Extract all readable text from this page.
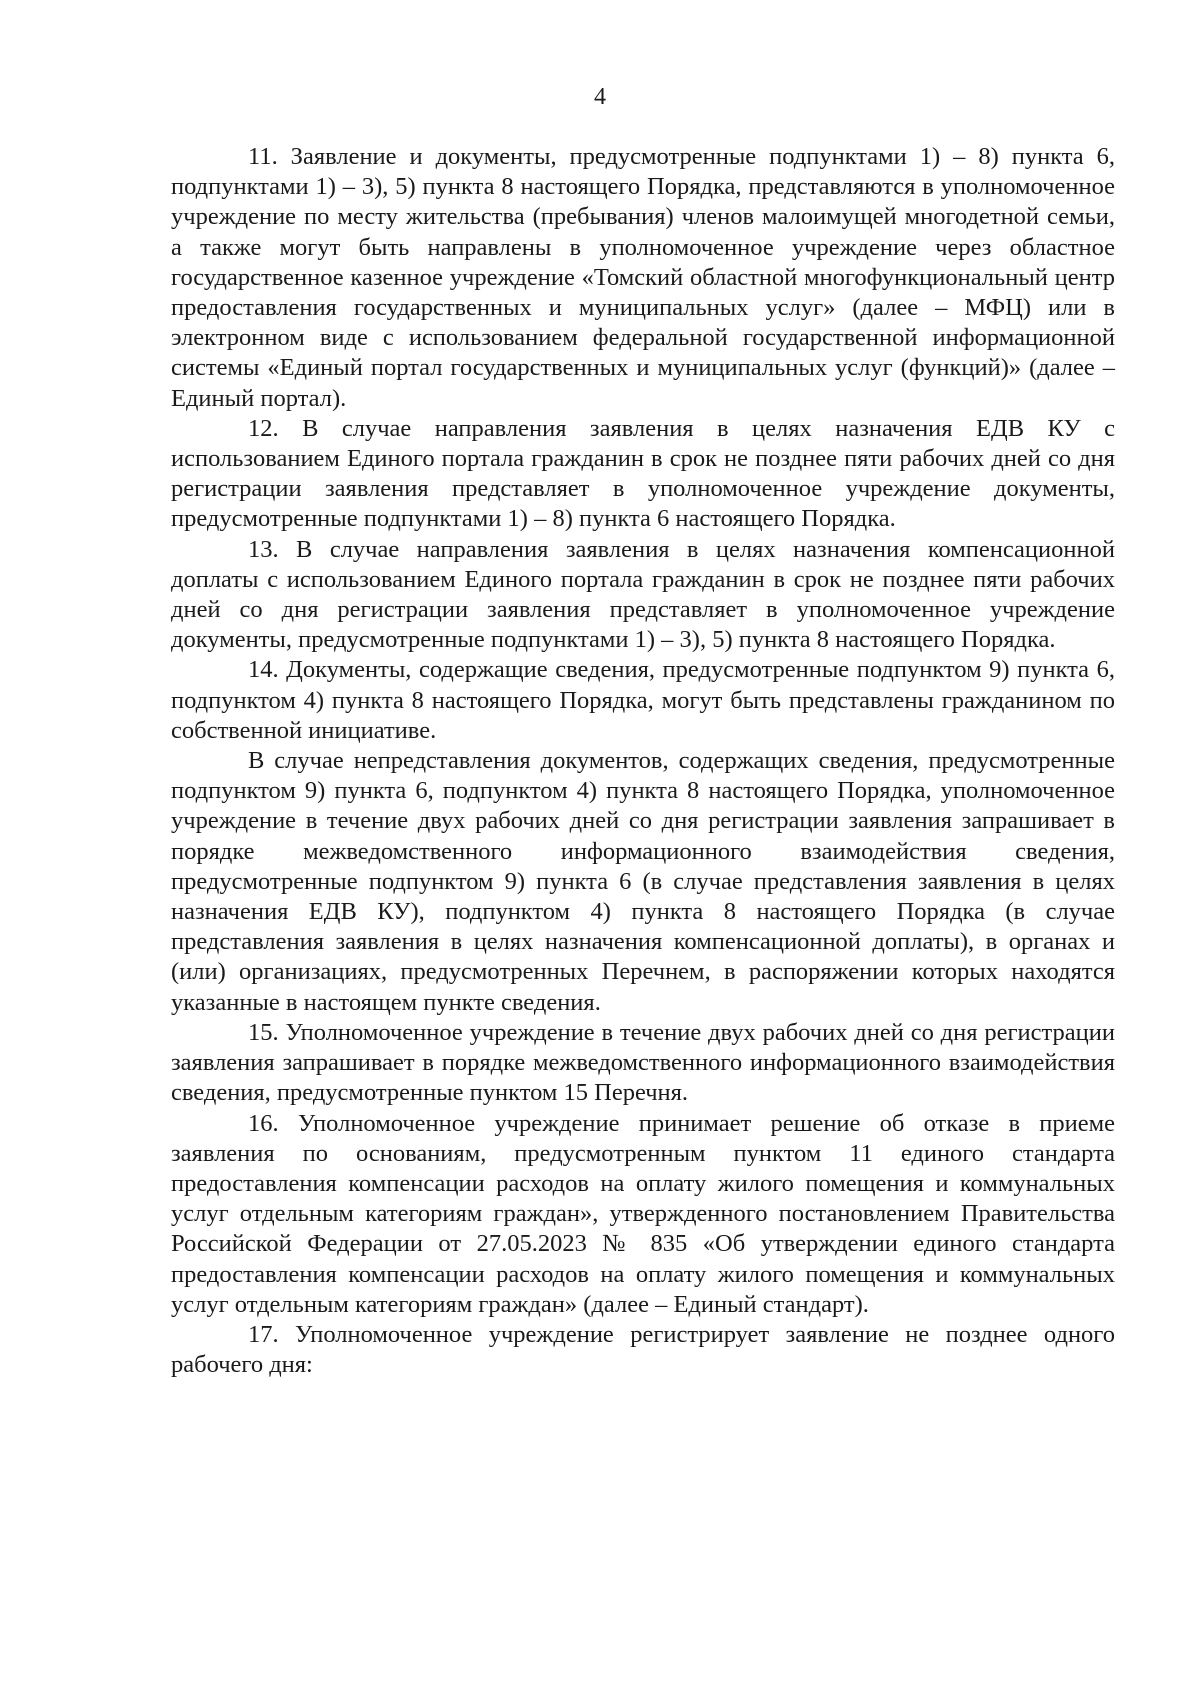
4

11. Заявление и документы, предусмотренные подпунктами 1) – 8) пункта 6, подпунктами 1) – 3), 5) пункта 8 настоящего Порядка, представляются в уполномоченное учреждение по месту жительства (пребывания) членов малоимущей многодетной семьи, а также могут быть направлены в уполномоченное учреждение через областное государственное казенное учреждение «Томский областной многофункциональный центр предоставления государственных и муниципальных услуг» (далее – МФЦ) или в электронном виде с использованием федеральной государственной информационной системы «Единый портал государственных и муниципальных услуг (функций)» (далее – Единый портал).

12. В случае направления заявления в целях назначения ЕДВ КУ с использованием Единого портала гражданин в срок не позднее пяти рабочих дней со дня регистрации заявления представляет в уполномоченное учреждение документы, предусмотренные подпунктами 1) – 8) пункта 6 настоящего Порядка.

13. В случае направления заявления в целях назначения компенсационной доплаты с использованием Единого портала гражданин в срок не позднее пяти рабочих дней со дня регистрации заявления представляет в уполномоченное учреждение документы, предусмотренные подпунктами 1) – 3), 5) пункта 8 настоящего Порядка.

14. Документы, содержащие сведения, предусмотренные подпунктом 9) пункта 6, подпунктом 4) пункта 8 настоящего Порядка, могут быть представлены гражданином по собственной инициативе.

В случае непредставления документов, содержащих сведения, предусмотренные подпунктом 9) пункта 6, подпунктом 4) пункта 8 настоящего Порядка, уполномоченное учреждение в течение двух рабочих дней со дня регистрации заявления запрашивает в порядке межведомственного информационного взаимодействия сведения, предусмотренные подпунктом 9) пункта 6 (в случае представления заявления в целях назначения ЕДВ КУ), подпунктом 4) пункта 8 настоящего Порядка (в случае представления заявления в целях назначения компенсационной доплаты), в органах и (или) организациях, предусмотренных Перечнем, в распоряжении которых находятся указанные в настоящем пункте сведения.

15. Уполномоченное учреждение в течение двух рабочих дней со дня регистрации заявления запрашивает в порядке межведомственного информационного взаимодействия сведения, предусмотренные пунктом 15 Перечня.

16. Уполномоченное учреждение принимает решение об отказе в приеме заявления по основаниям, предусмотренным пунктом 11 единого стандарта предоставления компенсации расходов на оплату жилого помещения и коммунальных услуг отдельным категориям граждан», утвержденного постановлением Правительства Российской Федерации от 27.05.2023 № 835 «Об утверждении единого стандарта предоставления компенсации расходов на оплату жилого помещения и коммунальных услуг отдельным категориям граждан» (далее – Единый стандарт).

17. Уполномоченное учреждение регистрирует заявление не позднее одного рабочего дня:
